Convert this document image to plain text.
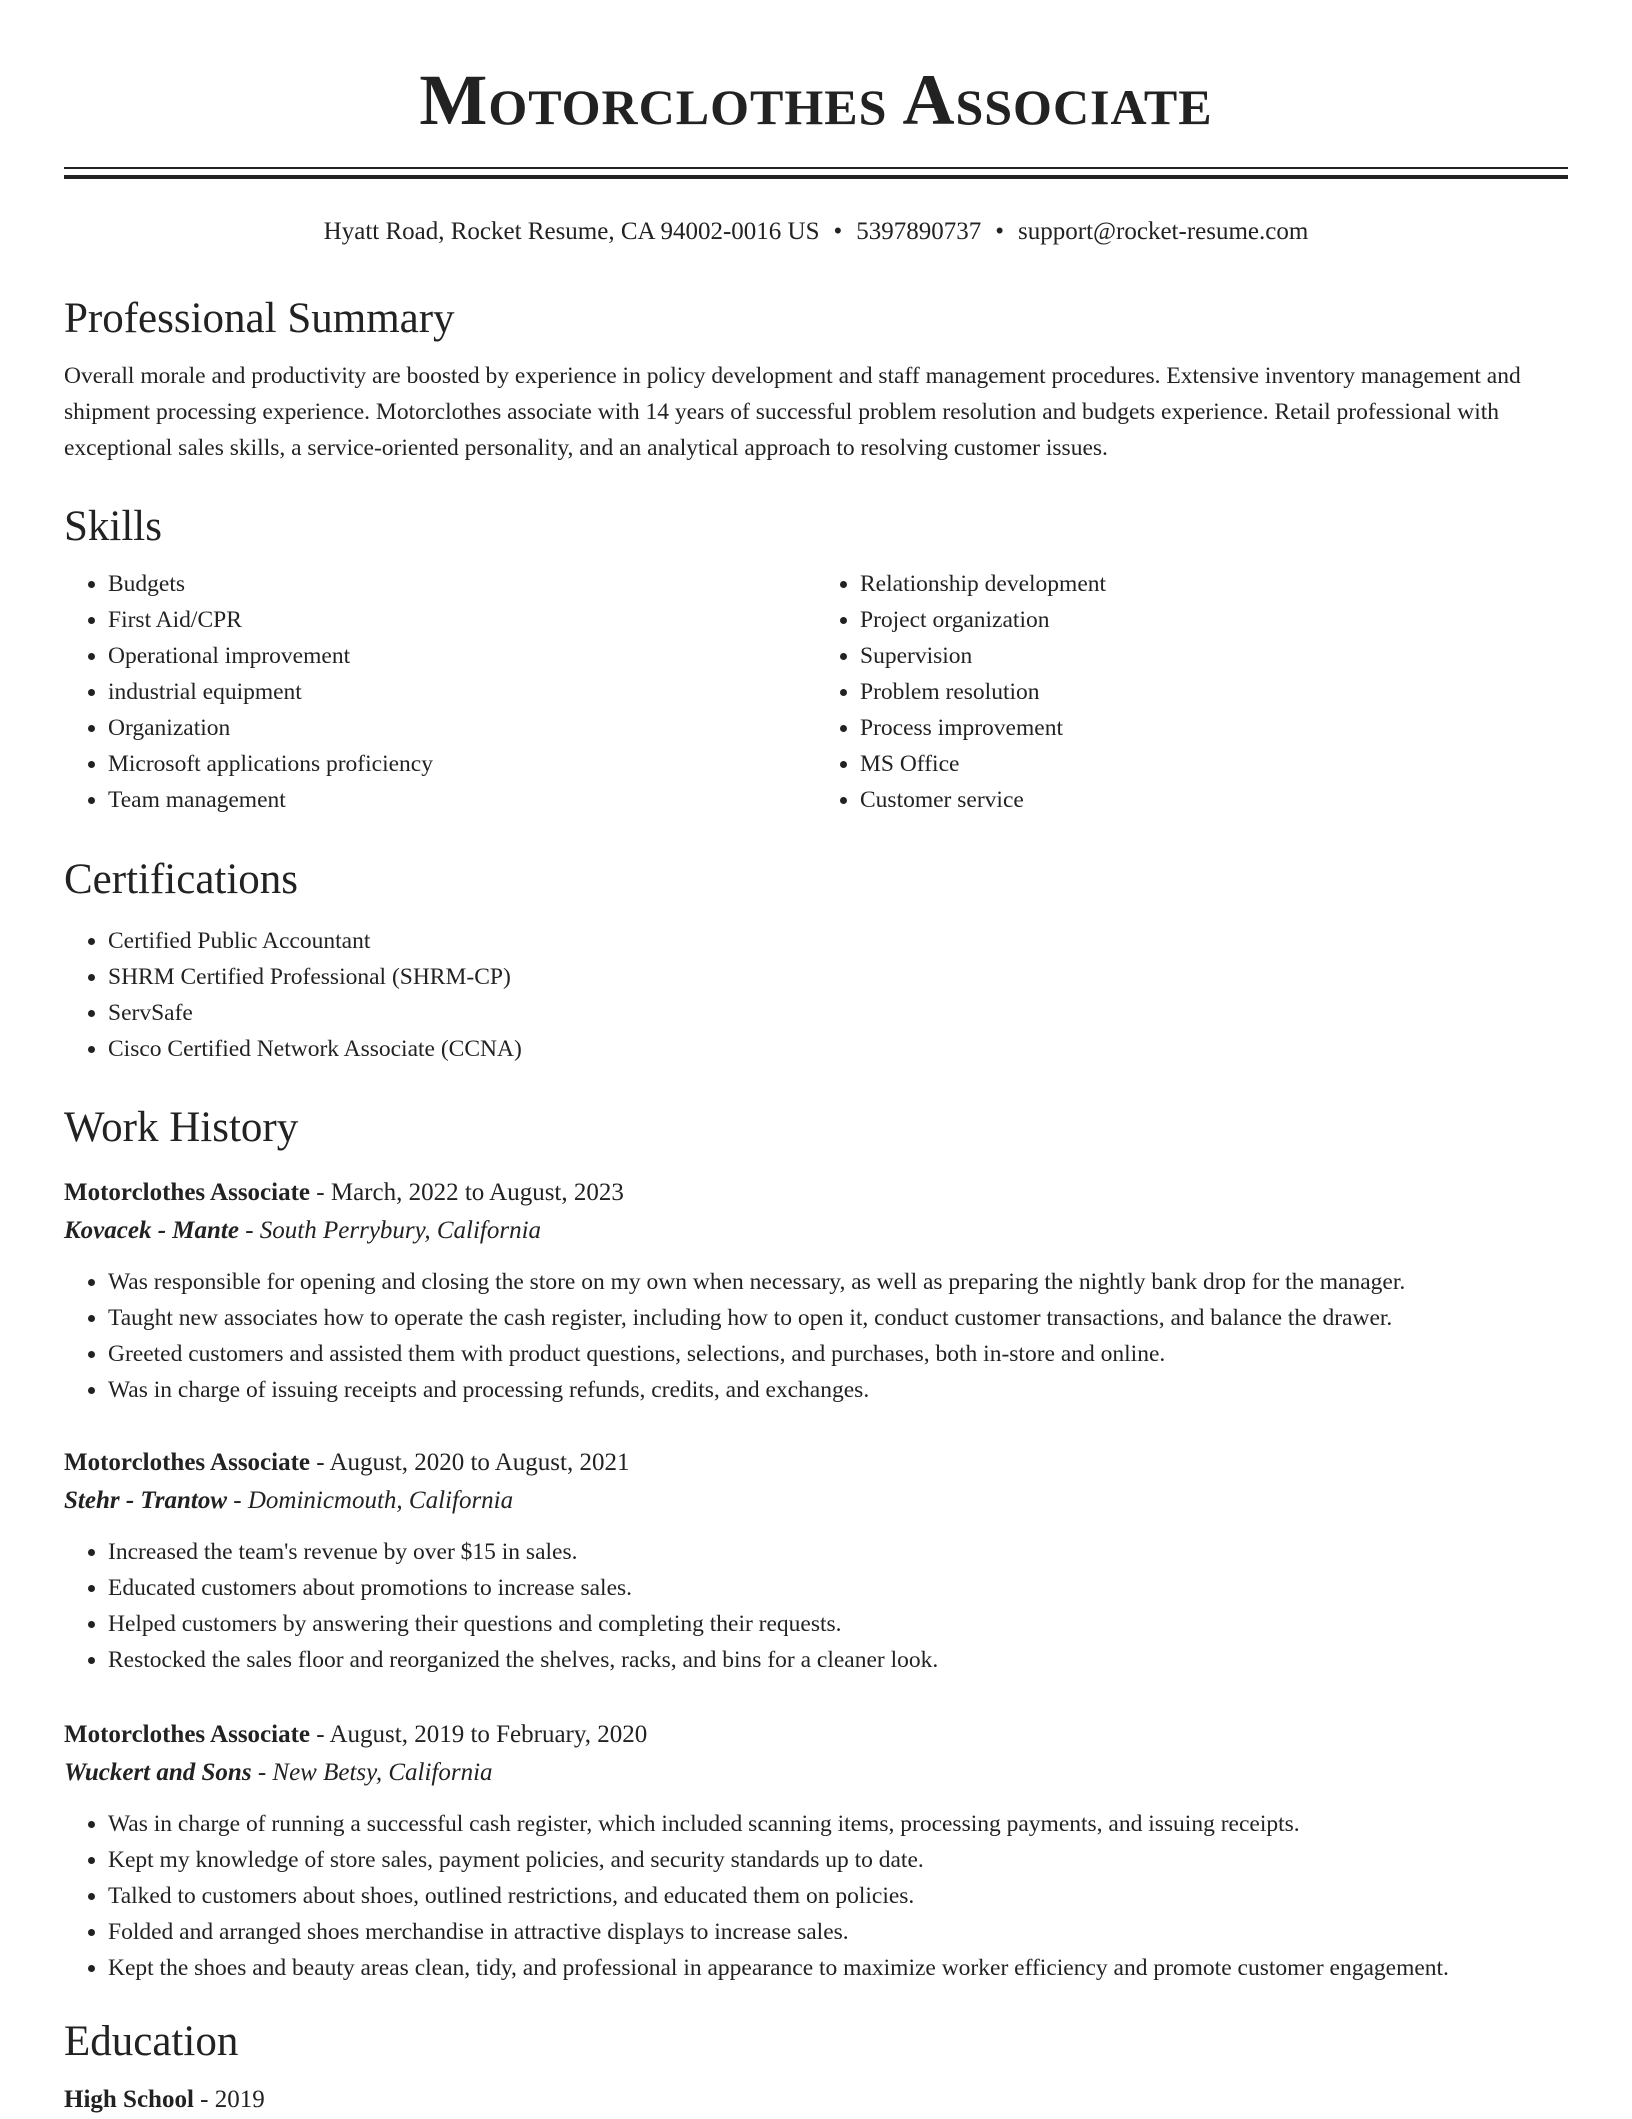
Motorclothes Associate
Hyatt Road, Rocket Resume, CA 94002-0016 US • 5397890737 • support@rocket-resume.com
Professional Summary

Overall morale and productivity are boosted by experience in policy development and staff management procedures. Extensive inventory management and shipment processing experience. Motorclothes associate with 14 years of successful problem resolution and budgets experience. Retail professional with exceptional sales skills, a service-oriented personality, and an analytical approach to resolving customer issues.

Skills
• Budgets
• First Aid/CPR
• Operational improvement
• industrial equipment
• Organization
• Microsoft applications proficiency
• Team management
• Relationship development
• Project organization
• Supervision
• Problem resolution
• Process improvement
• MS Office
• Customer service
Certifications
• Certified Public Accountant
• SHRM Certified Professional (SHRM-CP)
• ServSafe
• Cisco Certified Network Associate (CCNA)
Work History
Motorclothes Associate - March, 2022 to August, 2023
Kovacek - Mante - South Perrybury, California
• Was responsible for opening and closing the store on my own when necessary, as well as preparing the nightly bank drop for the manager.
• Taught new associates how to operate the cash register, including how to open it, conduct customer transactions, and balance the drawer.
• Greeted customers and assisted them with product questions, selections, and purchases, both in-store and online.
• Was in charge of issuing receipts and processing refunds, credits, and exchanges.
Motorclothes Associate - August, 2020 to August, 2021
Stehr - Trantow - Dominicmouth, California
• Increased the team's revenue by over $15 in sales.
• Educated customers about promotions to increase sales.
• Helped customers by answering their questions and completing their requests.
• Restocked the sales floor and reorganized the shelves, racks, and bins for a cleaner look.
Motorclothes Associate - August, 2019 to February, 2020
Wuckert and Sons - New Betsy, California
• Was in charge of running a successful cash register, which included scanning items, processing payments, and issuing receipts.
• Kept my knowledge of store sales, payment policies, and security standards up to date.
• Talked to customers about shoes, outlined restrictions, and educated them on policies.
• Folded and arranged shoes merchandise in attractive displays to increase sales.
• Kept the shoes and beauty areas clean, tidy, and professional in appearance to maximize worker efficiency and promote customer engagement.
Education
High School - 2019
